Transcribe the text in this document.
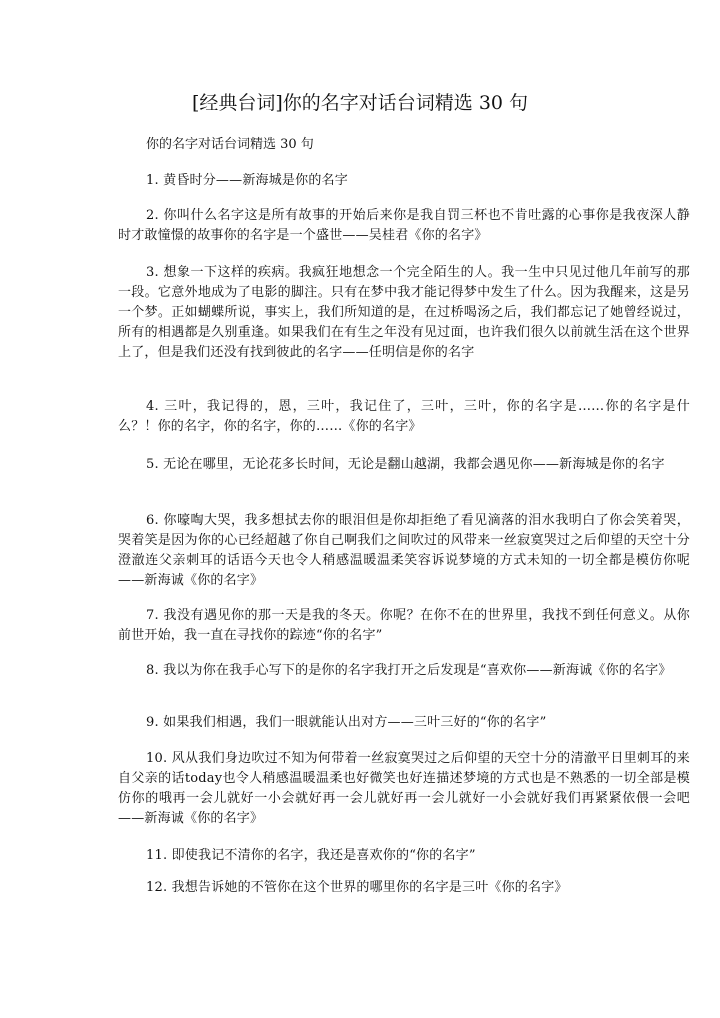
[经典台词]你的名字对话台词精选 30 句
你的名字对话台词精选 30 句
1. 黄昏时分——新海城是你的名字
2. 你叫什么名字这是所有故事的开始后来你是我自罚三杯也不肯吐露的心事你是我夜深人静时才敢憧憬的故事你的名字是一个盛世——吴桂君《你的名字》
3. 想象一下这样的疾病。我疯狂地想念一个完全陌生的人。我一生中只见过他几年前写的那一段。它意外地成为了电影的脚注。只有在梦中我才能记得梦中发生了什么。因为我醒来，这是另一个梦。正如蝴蝶所说，事实上，我们所知道的是，在过桥喝汤之后，我们都忘记了她曾经说过，所有的相遇都是久别重逢。如果我们在有生之年没有见过面，也许我们很久以前就生活在这个世界上了，但是我们还没有找到彼此的名字——任明信是你的名字
4. 三叶，我记得的，恩，三叶，我记住了，三叶，三叶，你的名字是……你的名字是什么？！你的名字，你的名字，你的……《你的名字》
5. 无论在哪里，无论花多长时间，无论是翻山越湖，我都会遇见你——新海城是你的名字
6. 你嚎啕大哭，我多想拭去你的眼泪但是你却拒绝了看见滴落的泪水我明白了你会笑着哭，哭着笑是因为你的心已经超越了你自己啊我们之间吹过的风带来一丝寂寞哭过之后仰望的天空十分澄澈连父亲刺耳的话语今天也令人稍感温暖温柔笑容诉说梦境的方式未知的一切全都是模仿你呢——新海诚《你的名字》
7. 我没有遇见你的那一天是我的冬天。你呢？在你不在的世界里，我找不到任何意义。从你前世开始，我一直在寻找你的踪迹“你的名字”
8. 我以为你在我手心写下的是你的名字我打开之后发现是“喜欢你——新海诚《你的名字》
9. 如果我们相遇，我们一眼就能认出对方——三叶三好的“你的名字”
10. 风从我们身边吹过不知为何带着一丝寂寞哭过之后仰望的天空十分的清澈平日里刺耳的来自父亲的话today也令人稍感温暖温柔也好微笑也好连描述梦境的方式也是不熟悉的一切全部是模仿你的哦再一会儿就好一小会就好再一会儿就好再一会儿就好一小会就好我们再紧紧依偎一会吧——新海诚《你的名字》
11. 即使我记不清你的名字，我还是喜欢你的“你的名字”
12. 我想告诉她的不管你在这个世界的哪里你的名字是三叶《你的名字》
